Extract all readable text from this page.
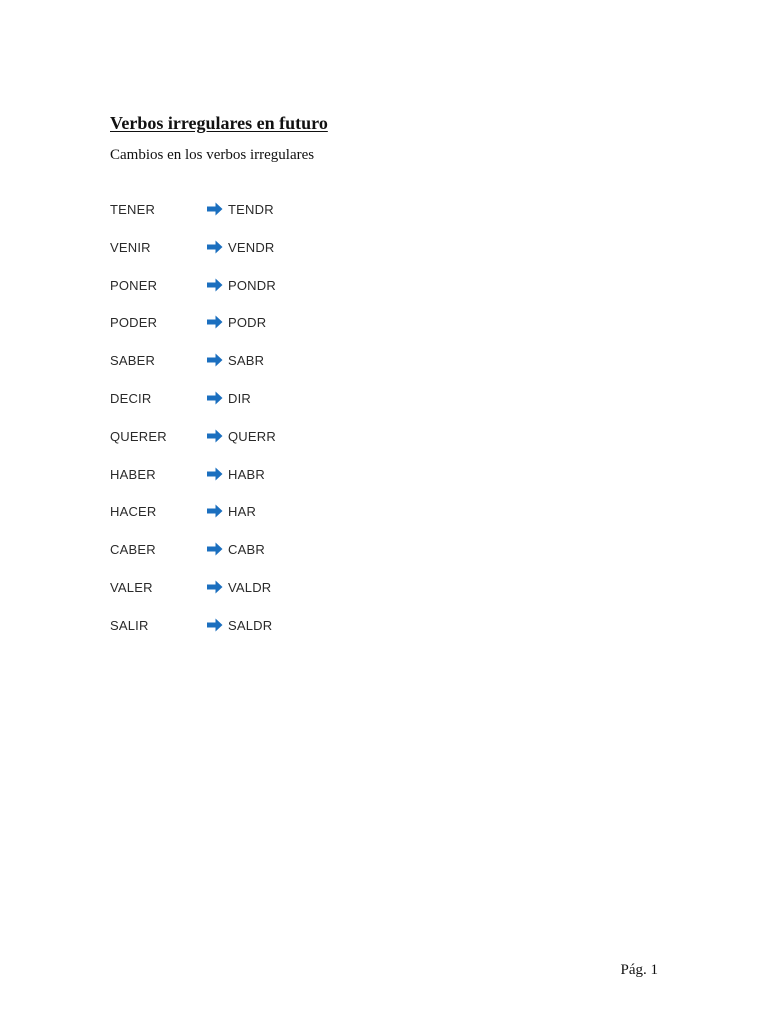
Verbos irregulares en futuro

Cambios en los verbos irregulares

TENER	TENDR
VENIR	VENDR
PONER	PONDR
PODER	PODR
SABER	SABR
DECIR	DIR
QUERER	QUERR
HABER	HABR
HACER	HAR
CABER	CABR
VALER	VALDR
SALIR	SALDR

Pág. 1
